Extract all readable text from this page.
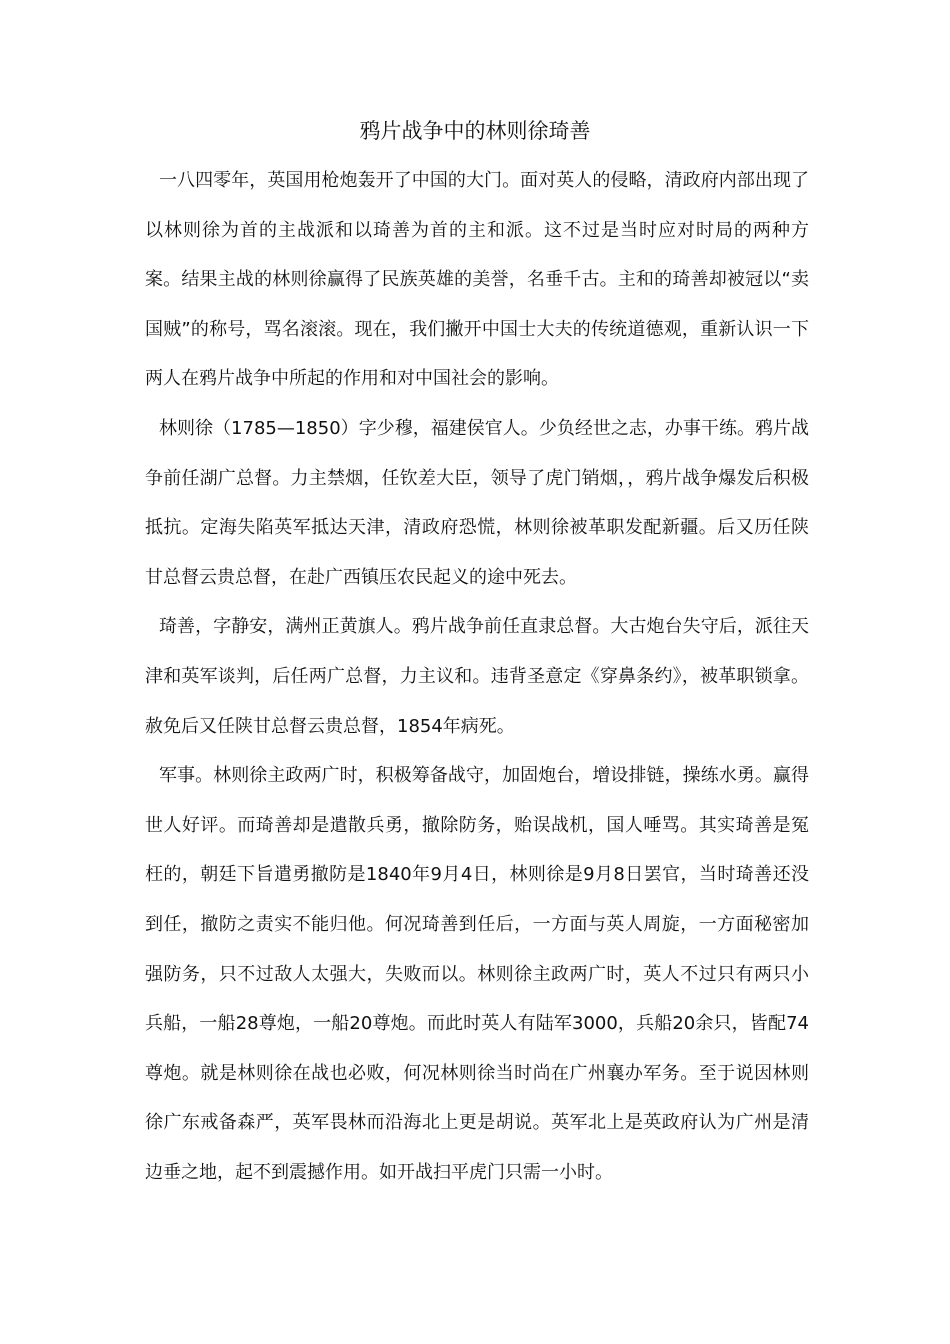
鸦片战争中的林则徐琦善

一八四零年，英国用枪炮轰开了中国的大门。面对英人的侵略，清政府内部出现了以林则徐为首的主战派和以琦善为首的主和派。这不过是当时应对时局的两种方案。结果主战的林则徐赢得了民族英雄的美誉，名垂千古。主和的琦善却被冠以“卖国贼”的称号，骂名滚滚。现在，我们撇开中国士大夫的传统道德观，重新认识一下两人在鸦片战争中所起的作用和对中国社会的影响。

林则徐（1785—1850）字少穆，福建侯官人。少负经世之志，办事干练。鸦片战争前任湖广总督。力主禁烟，任钦差大臣，领导了虎门销烟，，鸦片战争爆发后积极抵抗。定海失陷英军抵达天津，清政府恐慌，林则徐被革职发配新疆。后又历任陕甘总督云贵总督，在赴广西镇压农民起义的途中死去。

琦善，字静安，满州正黄旗人。鸦片战争前任直隶总督。大古炮台失守后，派往天津和英军谈判，后任两广总督，力主议和。违背圣意定《穿鼻条约》，被革职锁拿。赦免后又任陕甘总督云贵总督，1854年病死。

军事。林则徐主政两广时，积极筹备战守，加固炮台，增设排链，操练水勇。赢得世人好评。而琦善却是遣散兵勇，撤除防务，贻误战机，国人唾骂。其实琦善是冤枉的，朝廷下旨遣勇撤防是1840年9月4日，林则徐是9月8日罢官，当时琦善还没到任，撤防之责实不能归他。何况琦善到任后，一方面与英人周旋，一方面秘密加强防务，只不过敌人太强大，失败而以。林则徐主政两广时，英人不过只有两只小兵船，一船28尊炮，一船20尊炮。而此时英人有陆军3000，兵船20余只，皆配74尊炮。就是林则徐在战也必败，何况林则徐当时尚在广州襄办军务。至于说因林则徐广东戒备森严，英军畏林而沿海北上更是胡说。英军北上是英政府认为广州是清边垂之地，起不到震撼作用。如开战扫平虎门只需一小时。
